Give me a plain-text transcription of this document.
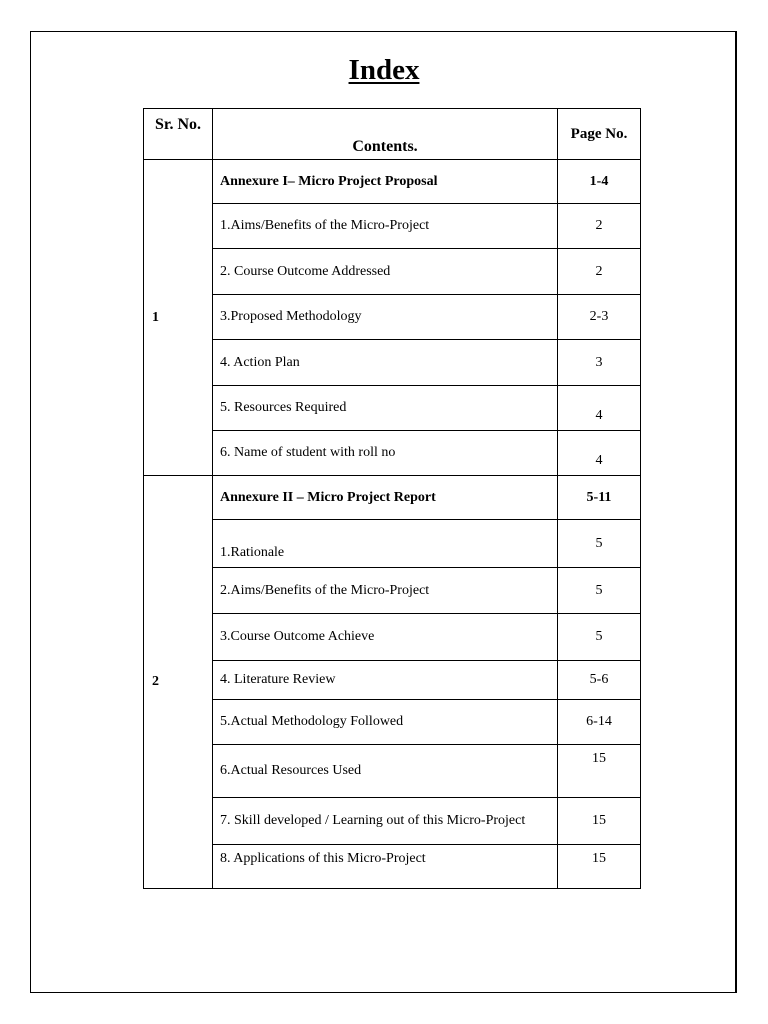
Index
Sr. No.	Contents.	Page No.
1	Annexure I– Micro Project Proposal	1-4
	1.Aims/Benefits of the Micro-Project	2
	2. Course Outcome Addressed	2
	3.Proposed Methodology	2-3
	4. Action Plan	3
	5. Resources Required	4
	6. Name of student with roll no	4
2	Annexure II – Micro Project Report	5-11
	1.Rationale	5
	2.Aims/Benefits of the Micro-Project	5
	3.Course Outcome Achieve	5
	4. Literature Review	5-6
	5.Actual Methodology Followed	6-14
	6.Actual Resources Used	15
	7. Skill developed / Learning out of this Micro-Project	15
	8. Applications of this Micro-Project	15
